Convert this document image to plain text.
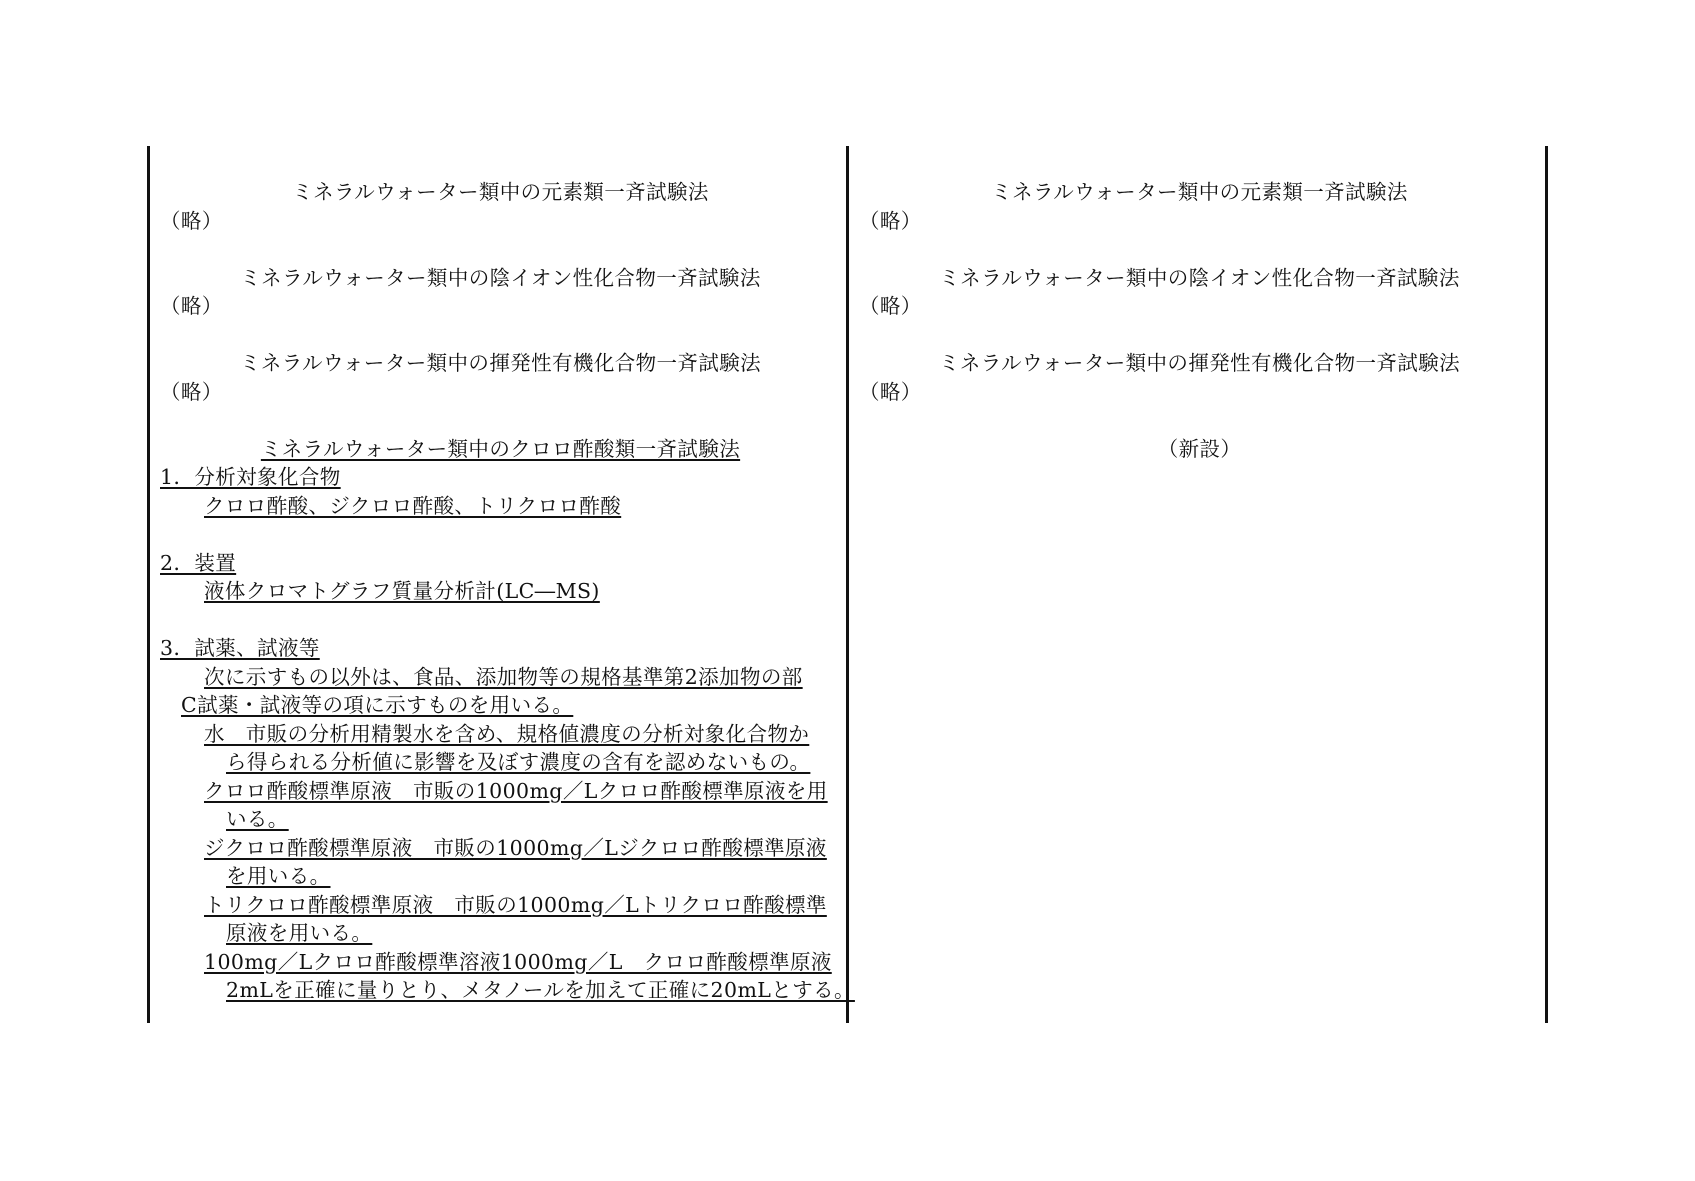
ミネラルウォーター類中の元素類一斉試験法
（略）
ミネラルウォーター類中の陰イオン性化合物一斉試験法
（略）
ミネラルウォーター類中の揮発性有機化合物一斉試験法
（略）
ミネラルウォーター類中のクロロ酢酸類一斉試験法
1．分析対象化合物
クロロ酢酸、ジクロロ酢酸、トリクロロ酢酸
2．装置
液体クロマトグラフ質量分析計(LC―MS)
3．試薬、試液等
次に示すもの以外は、食品、添加物等の規格基準第2添加物の部
C試薬・試液等の項に示すものを用いる。
水　市販の分析用精製水を含め、規格値濃度の分析対象化合物か
ら得られる分析値に影響を及ぼす濃度の含有を認めないもの。
クロロ酢酸標準原液　市販の1000mg／Lクロロ酢酸標準原液を用
いる。
ジクロロ酢酸標準原液　市販の1000mg／Lジクロロ酢酸標準原液
を用いる。
トリクロロ酢酸標準原液　市販の1000mg／Lトリクロロ酢酸標準
原液を用いる。
100mg／Lクロロ酢酸標準溶液1000mg／L　クロロ酢酸標準原液
2mLを正確に量りとり、メタノールを加えて正確に20mLとする。
ミネラルウォーター類中の元素類一斉試験法
（略）
ミネラルウォーター類中の陰イオン性化合物一斉試験法
（略）
ミネラルウォーター類中の揮発性有機化合物一斉試験法
（略）
（新設）
